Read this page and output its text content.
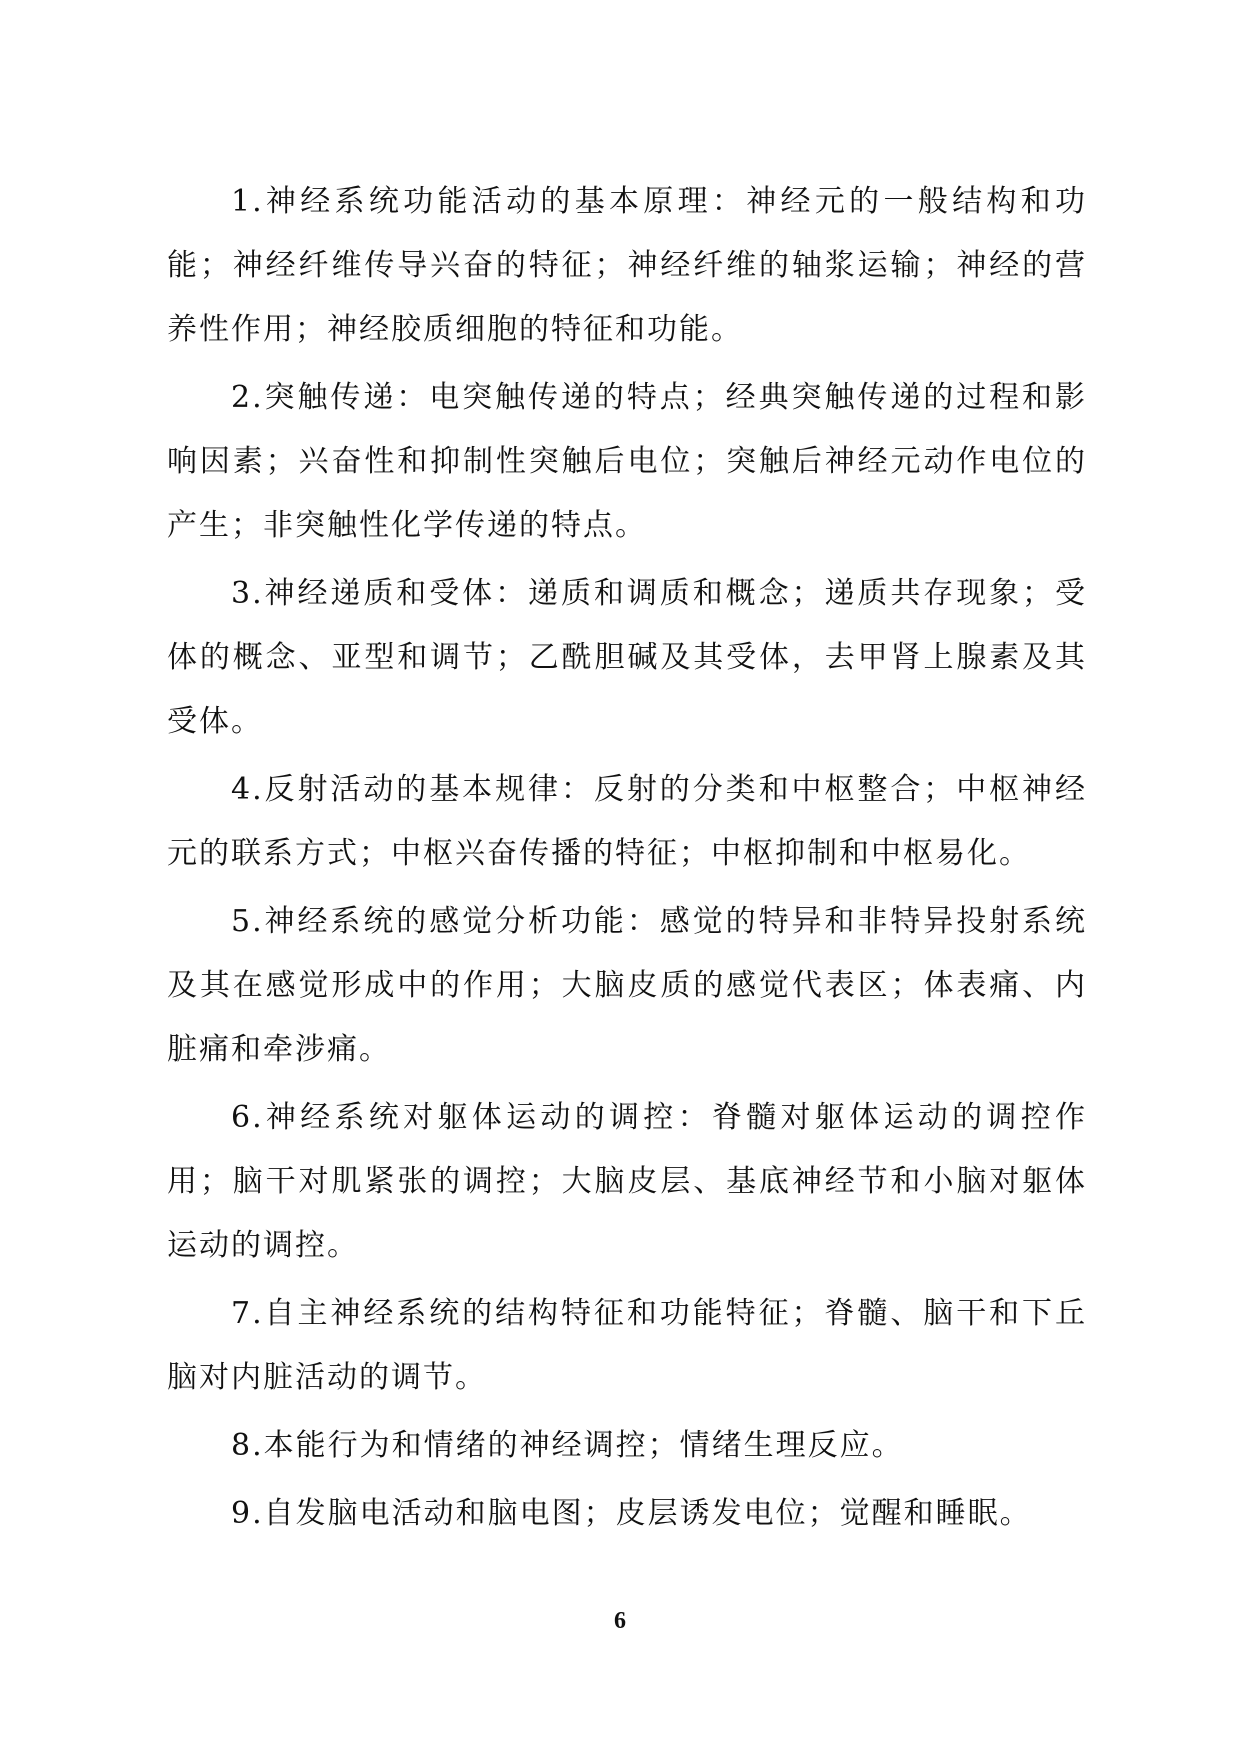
1.神经系统功能活动的基本原理：神经元的一般结构和功能；神经纤维传导兴奋的特征；神经纤维的轴浆运输；神经的营养性作用；神经胶质细胞的特征和功能。

2.突触传递：电突触传递的特点；经典突触传递的过程和影响因素；兴奋性和抑制性突触后电位；突触后神经元动作电位的产生；非突触性化学传递的特点。

3.神经递质和受体：递质和调质和概念；递质共存现象；受体的概念、亚型和调节；乙酰胆碱及其受体，去甲肾上腺素及其受体。

4.反射活动的基本规律：反射的分类和中枢整合；中枢神经元的联系方式；中枢兴奋传播的特征；中枢抑制和中枢易化。

5.神经系统的感觉分析功能：感觉的特异和非特异投射系统及其在感觉形成中的作用；大脑皮质的感觉代表区；体表痛、内脏痛和牵涉痛。

6.神经系统对躯体运动的调控：脊髓对躯体运动的调控作用；脑干对肌紧张的调控；大脑皮层、基底神经节和小脑对躯体运动的调控。

7.自主神经系统的结构特征和功能特征；脊髓、脑干和下丘脑对内脏活动的调节。

8.本能行为和情绪的神经调控；情绪生理反应。

9.自发脑电活动和脑电图；皮层诱发电位；觉醒和睡眠。

6
